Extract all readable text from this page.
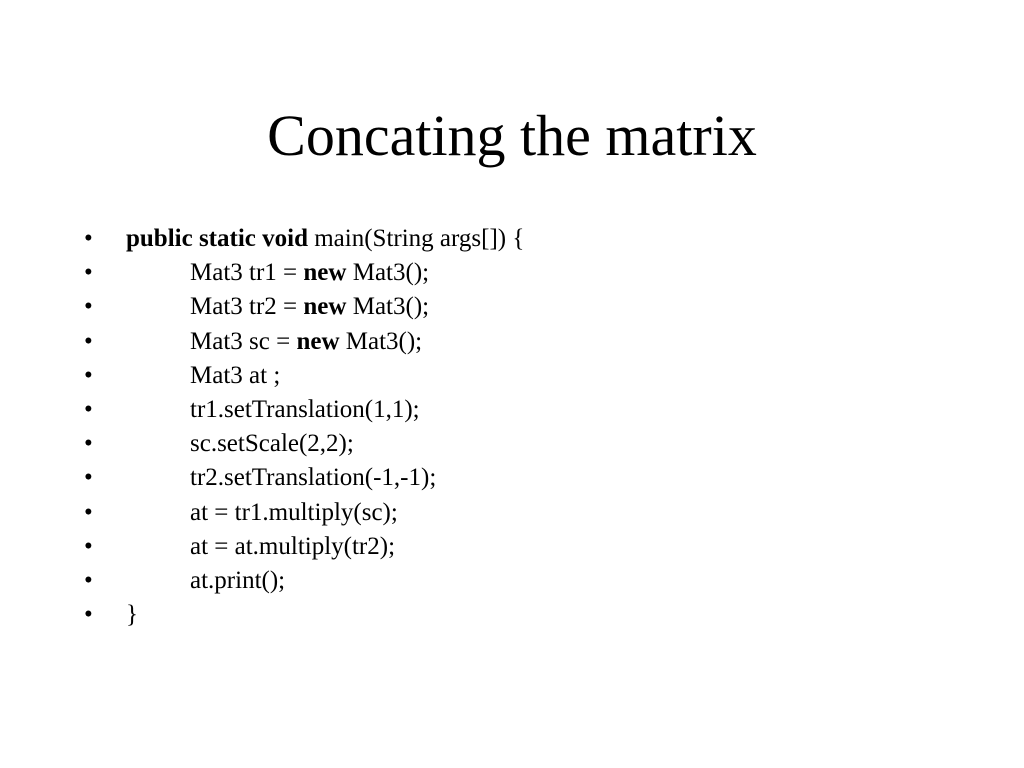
Concating the matrix
•	public static void main(String args[]) {
•	Mat3 tr1 = new Mat3();
•	Mat3 tr2 = new Mat3();
•	Mat3 sc = new Mat3();
•	Mat3 at ;
•	tr1.setTranslation(1,1);
•	sc.setScale(2,2);
•	tr2.setTranslation(-1,-1);
•	at = tr1.multiply(sc);
•	at = at.multiply(tr2);
•	at.print();
•	}
